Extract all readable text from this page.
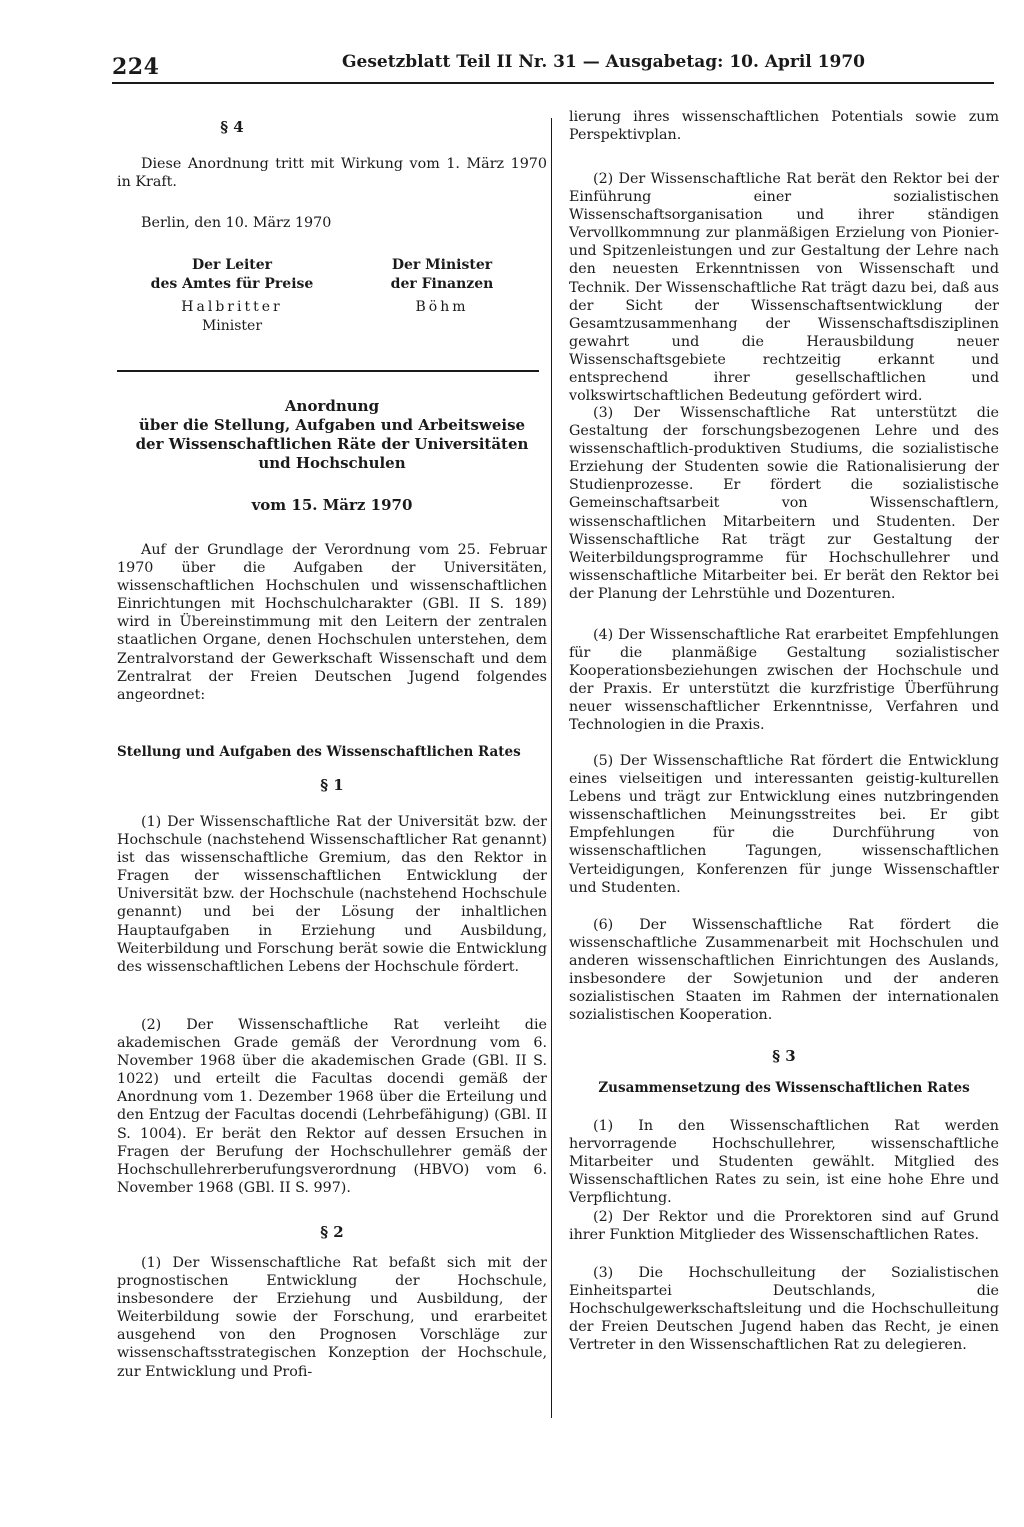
224	Gesetzblatt Teil II Nr. 31 — Ausgabetag: 10. April 1970
§ 4

Diese Anordnung tritt mit Wirkung vom 1. März 1970 in Kraft.

Berlin, den 10. März 1970

Der Leiter
des Amtes für Preise
Halbritter
Minister
Der Minister
der Finanzen
Böhm
Anordnung
über die Stellung, Aufgaben und Arbeitsweise
der Wissenschaftlichen Räte der Universitäten
und Hochschulen
vom 15. März 1970

Auf der Grundlage der Verordnung vom 25. Februar 1970 über die Aufgaben der Universitäten, wissenschaftlichen Hochschulen und wissenschaftlichen Einrichtungen mit Hochschulcharakter (GBl. II S. 189) wird in Übereinstimmung mit den Leitern der zentralen staatlichen Organe, denen Hochschulen unterstehen, dem Zentralvorstand der Gewerkschaft Wissenschaft und dem Zentralrat der Freien Deutschen Jugend folgendes angeordnet:

Stellung und Aufgaben des Wissenschaftlichen Rates
§ 1

(1) Der Wissenschaftliche Rat der Universität bzw. der Hochschule (nachstehend Wissenschaftlicher Rat genannt) ist das wissenschaftliche Gremium, das den Rektor in Fragen der wissenschaftlichen Entwicklung der Universität bzw. der Hochschule (nachstehend Hochschule genannt) und bei der Lösung der inhaltlichen Hauptaufgaben in Erziehung und Ausbildung, Weiterbildung und Forschung berät sowie die Entwicklung des wissenschaftlichen Lebens der Hochschule fördert.

(2) Der Wissenschaftliche Rat verleiht die akademischen Grade gemäß der Verordnung vom 6. November 1968 über die akademischen Grade (GBl. II S. 1022) und erteilt die Facultas docendi gemäß der Anordnung vom 1. Dezember 1968 über die Erteilung und den Entzug der Facultas docendi (Lehrbefähigung) (GBl. II S. 1004). Er berät den Rektor auf dessen Ersuchen in Fragen der Berufung der Hochschullehrer gemäß der Hochschullehrerberufungsverordnung (HBVO) vom 6. November 1968 (GBl. II S. 997).

§ 2

(1) Der Wissenschaftliche Rat befaßt sich mit der prognostischen Entwicklung der Hochschule, insbesondere der Erziehung und Ausbildung, der Weiterbildung sowie der Forschung, und erarbeitet ausgehend von den Prognosen Vorschläge zur wissenschaftsstrategischen Konzeption der Hochschule, zur Entwicklung und Profi-

lierung ihres wissenschaftlichen Potentials sowie zum Perspektivplan.

(2) Der Wissenschaftliche Rat berät den Rektor bei der Einführung einer sozialistischen Wissenschaftsorganisation und ihrer ständigen Vervollkommnung zur planmäßigen Erzielung von Pionier- und Spitzenleistungen und zur Gestaltung der Lehre nach den neuesten Erkenntnissen von Wissenschaft und Technik. Der Wissenschaftliche Rat trägt dazu bei, daß aus der Sicht der Wissenschaftsentwicklung der Gesamtzusammenhang der Wissenschaftsdisziplinen gewahrt und die Herausbildung neuer Wissenschaftsgebiete rechtzeitig erkannt und entsprechend ihrer gesellschaftlichen und volkswirtschaftlichen Bedeutung gefördert wird.

(3) Der Wissenschaftliche Rat unterstützt die Gestaltung der forschungsbezogenen Lehre und des wissenschaftlich-produktiven Studiums, die sozialistische Erziehung der Studenten sowie die Rationalisierung der Studienprozesse. Er fördert die sozialistische Gemeinschaftsarbeit von Wissenschaftlern, wissenschaftlichen Mitarbeitern und Studenten. Der Wissenschaftliche Rat trägt zur Gestaltung der Weiterbildungsprogramme für Hochschullehrer und wissenschaftliche Mitarbeiter bei. Er berät den Rektor bei der Planung der Lehrstühle und Dozenturen.

(4) Der Wissenschaftliche Rat erarbeitet Empfehlungen für die planmäßige Gestaltung sozialistischer Kooperationsbeziehungen zwischen der Hochschule und der Praxis. Er unterstützt die kurzfristige Überführung neuer wissenschaftlicher Erkenntnisse, Verfahren und Technologien in die Praxis.

(5) Der Wissenschaftliche Rat fördert die Entwicklung eines vielseitigen und interessanten geistig-kulturellen Lebens und trägt zur Entwicklung eines nutzbringenden wissenschaftlichen Meinungsstreites bei. Er gibt Empfehlungen für die Durchführung von wissenschaftlichen Tagungen, wissenschaftlichen Verteidigungen, Konferenzen für junge Wissenschaftler und Studenten.

(6) Der Wissenschaftliche Rat fördert die wissenschaftliche Zusammenarbeit mit Hochschulen und anderen wissenschaftlichen Einrichtungen des Auslands, insbesondere der Sowjetunion und der anderen sozialistischen Staaten im Rahmen der internationalen sozialistischen Kooperation.

§ 3
Zusammensetzung des Wissenschaftlichen Rates

(1) In den Wissenschaftlichen Rat werden hervorragende Hochschullehrer, wissenschaftliche Mitarbeiter und Studenten gewählt. Mitglied des Wissenschaftlichen Rates zu sein, ist eine hohe Ehre und Verpflichtung.

(2) Der Rektor und die Prorektoren sind auf Grund ihrer Funktion Mitglieder des Wissenschaftlichen Rates.

(3) Die Hochschulleitung der Sozialistischen Einheitspartei Deutschlands, die Hochschulgewerkschaftsleitung und die Hochschulleitung der Freien Deutschen Jugend haben das Recht, je einen Vertreter in den Wissenschaftlichen Rat zu delegieren.
